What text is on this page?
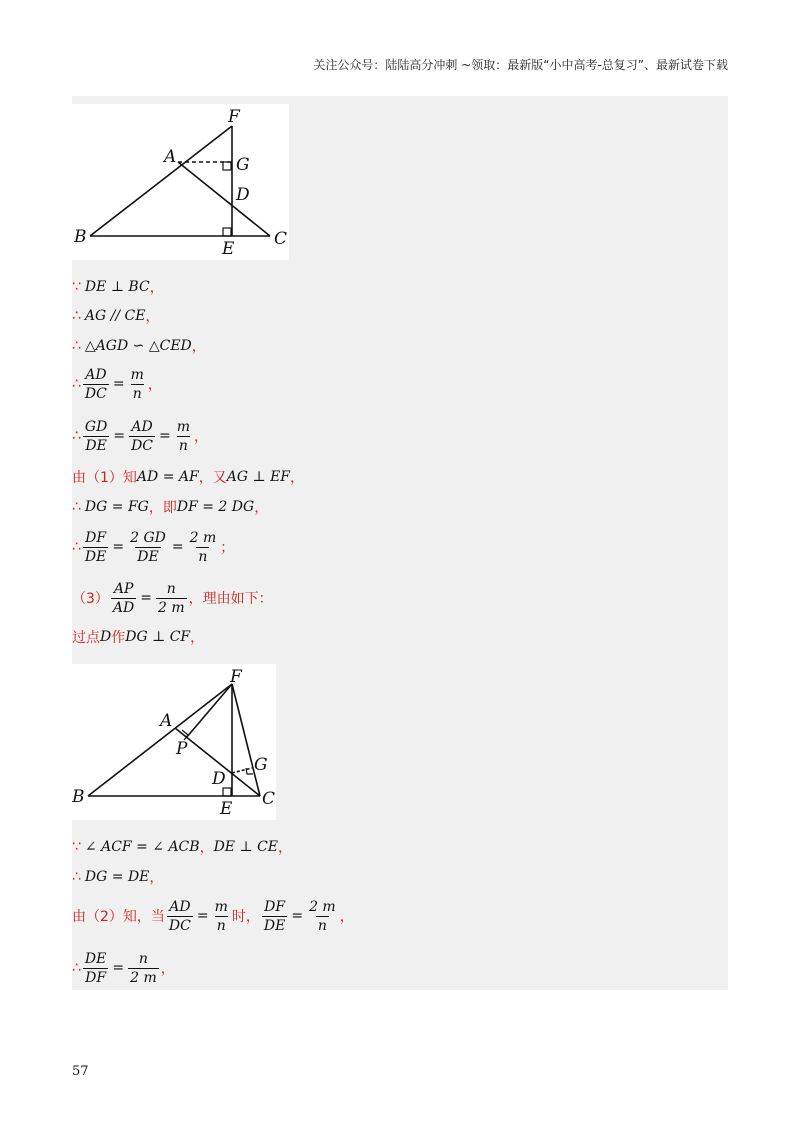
关注公众号：陆陆高分冲刺 ~领取：最新版“小中高考-总复习”、最新试卷下载
F
A	G
D
B
E C
∵ DE ⊥ BC ，
∴ AG // CE ，
∴ △AGD ∽ △CED ，
∴ $\frac{AD}{DC} = \frac{m}{n}$ ，
∴ $\frac{GD}{DE} = \frac{AD}{DC} = \frac{m}{n}$ ，
由（1）知 AD = AF ，又 AG ⊥ EF ，
∴ DG = FG ，即 DF = 2 DG ，
∴ $\frac{DF}{DE} = \frac{2 GD}{DE} = \frac{2 m}{n}$ ；
$(3) \frac{AP}{AD} = \frac{n}{2 m}$ ，理由如下：
过点 D 作 DG ⊥ CF ，
F
A
P
D
G
B
E C
∵ ∠ ACF = ∠ ACB ， DE ⊥ CE ，
∴ DG = DE ，
由（2）知，当 $\frac{AD}{DC} = \frac{m}{n}$ 时， $\frac{DF}{DE} = \frac{2 m}{n}$ ，
∴ $\frac{DE}{DF} = \frac{n}{2 m}$ ，
57
